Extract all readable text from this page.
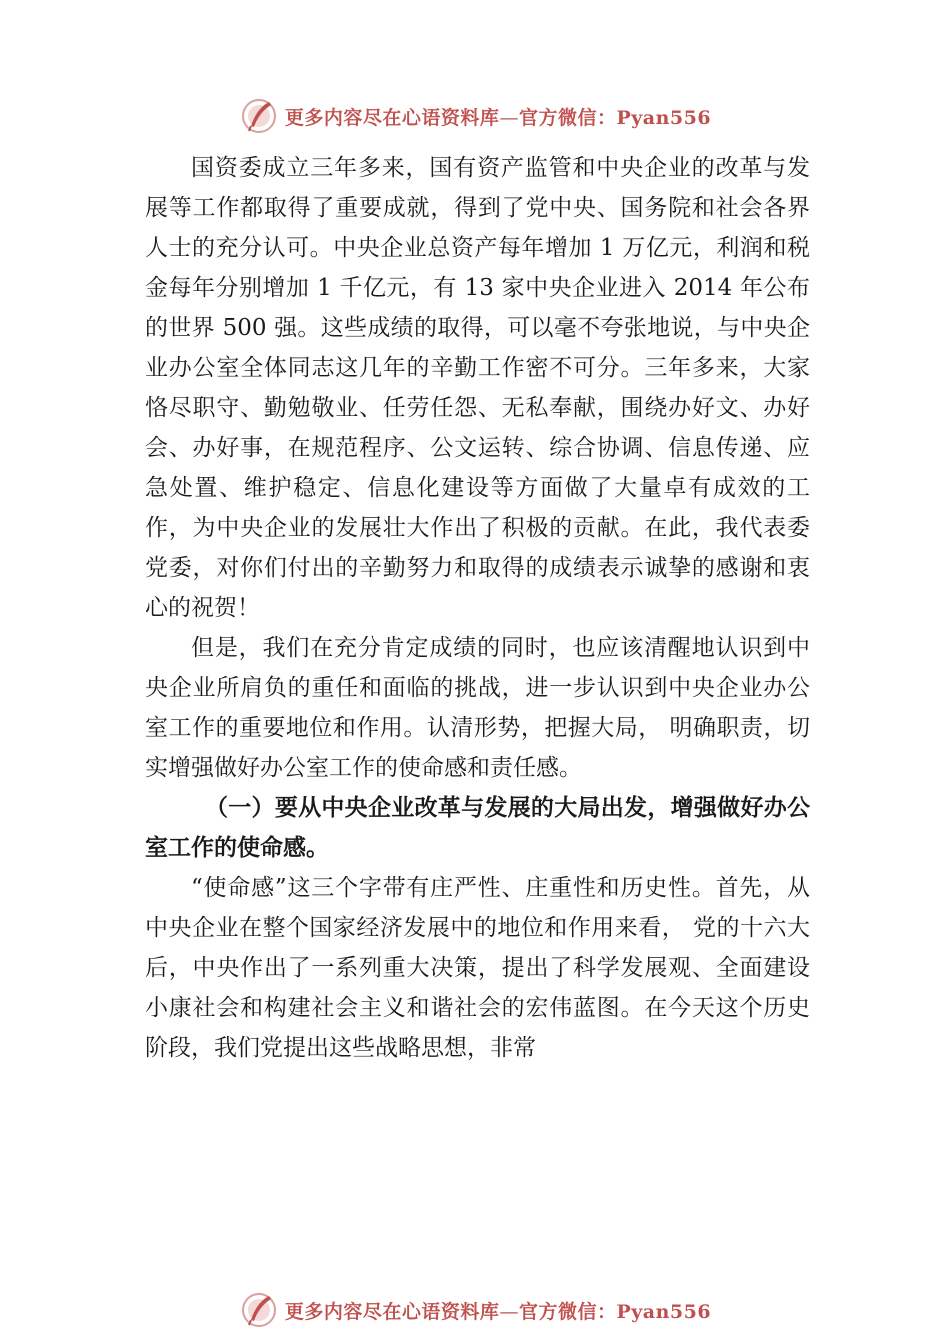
更多内容尽在心语资料库—官方微信：Pyan556

国资委成立三年多来，国有资产监管和中央企业的改革与发展等工作都取得了重要成就，得到了党中央、国务院和社会各界人士的充分认可。中央企业总资产每年增加 1 万亿元，利润和税金每年分别增加 1 千亿元，有 13 家中央企业进入 2014 年公布的世界 500 强。这些成绩的取得，可以毫不夸张地说，与中央企业办公室全体同志这几年的辛勤工作密不可分。三年多来，大家恪尽职守、勤勉敬业、任劳任怨、无私奉献，围绕办好文、办好会、办好事，在规范程序、公文运转、综合协调、信息传递、应急处置、维护稳定、信息化建设等方面做了大量卓有成效的工作，为中央企业的发展壮大作出了积极的贡献。在此，我代表委党委，对你们付出的辛勤努力和取得的成绩表示诚挚的感谢和衷心的祝贺！

但是，我们在充分肯定成绩的同时，也应该清醒地认识到中央企业所肩负的重任和面临的挑战，进一步认识到中央企业办公室工作的重要地位和作用。认清形势，把握大局， 明确职责，切实增强做好办公室工作的使命感和责任感。

（一）要从中央企业改革与发展的大局出发，增强做好办公室工作的使命感。

“使命感”这三个字带有庄严性、庄重性和历史性。首先，从中央企业在整个国家经济发展中的地位和作用来看， 党的十六大后，中央作出了一系列重大决策，提出了科学发展观、全面建设小康社会和构建社会主义和谐社会的宏伟蓝图。在今天这个历史阶段，我们党提出这些战略思想，非常

更多内容尽在心语资料库—官方微信：Pyan556
